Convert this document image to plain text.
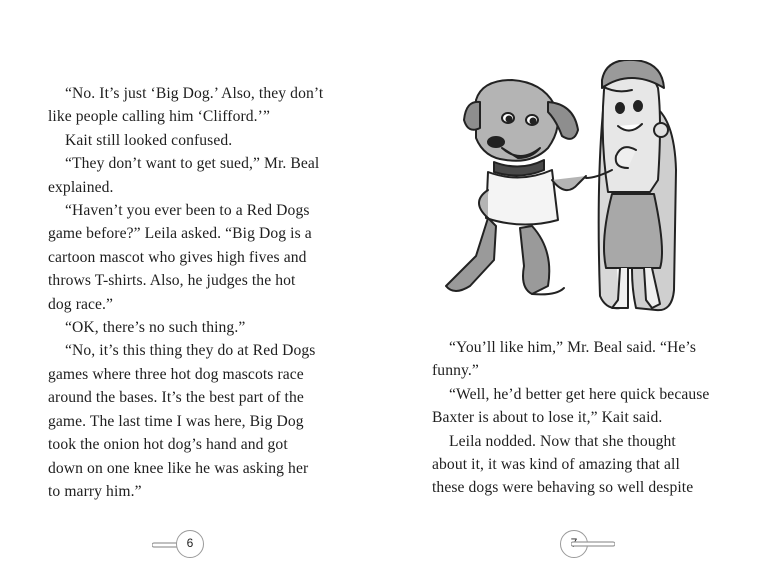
“No. It’s just ‘Big Dog.’ Also, they don’t

like people calling him ‘Clifford.’”

Kait still looked confused.

“They don’t want to get sued,” Mr. Beal

explained.

“Haven’t you ever been to a Red Dogs

game before?” Leila asked. “Big Dog is a

cartoon mascot who gives high fives and

throws T-shirts. Also, he judges the hot

dog race.”

“OK, there’s no such thing.”

“No, it’s this thing they do at Red Dogs

games where three hot dog mascots race

around the bases. It’s the best part of the

game. The last time I was here, Big Dog

took the onion hot dog’s hand and got

down on one knee like he was asking her

to marry him.”

6

“You’ll like him,” Mr. Beal said. “He’s

funny.”

“Well, he’d better get here quick because

Baxter is about to lose it,” Kait said.

Leila nodded. Now that she thought

about it, it was kind of amazing that all

these dogs were behaving so well despite
